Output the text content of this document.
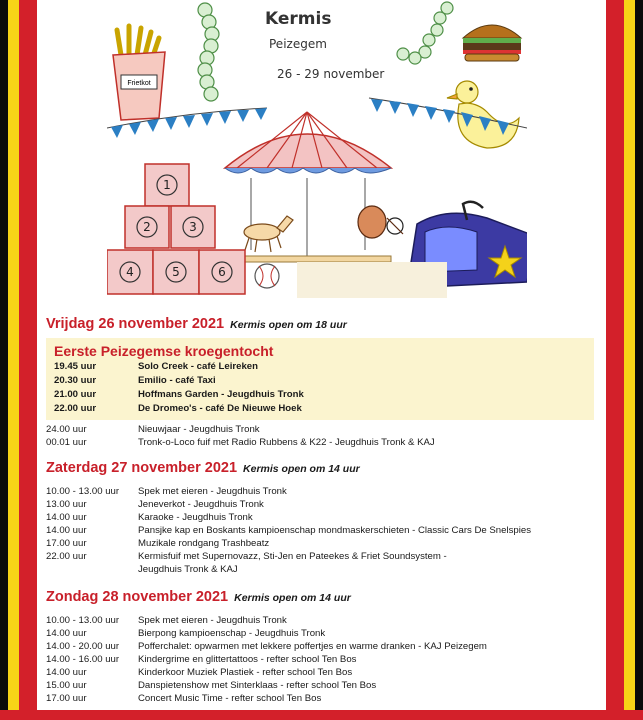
Frietkot
Kermis
Peizegem
26 - 29 november
1
2	3
4	5	6
Vrijdag 26 november 2021 Kermis open om 18 uur
Eerste Peizegemse kroegentocht
19.45 uur	Solo Creek - café Leireken
20.30 uur	Emilio - café Taxi
21.00 uur	Hoffmans Garden - Jeugdhuis Tronk
22.00 uur	De Dromeo's - café De Nieuwe Hoek
24.00 uur	Nieuwjaar - Jeugdhuis Tronk
00.01 uur	Tronk-o-Loco fuif met Radio Rubbens & K22 - Jeugdhuis Tronk & KAJ
Zaterdag 27 november 2021 Kermis open om 14 uur
10.00 - 13.00 uur Spek met eieren - Jeugdhuis Tronk
13.00 uur	Jeneverkot - Jeugdhuis Tronk
14.00 uur	Karaoke - Jeugdhuis Tronk
14.00 uur	Pansjke kap en Boskants kampioenschap mondmaskerschieten - Classic Cars De Snelspies
17.00 uur	Muzikale rondgang Trashbeatz
22.00 uur	Kermisfuif met Supernovazz, Sti-Jen en Pateekes & Friet Soundsystem -
Jeugdhuis Tronk & KAJ
Zondag 28 november 2021 Kermis open om 14 uur
10.00 - 13.00 uur Spek met eieren - Jeugdhuis Tronk
14.00 uur	Bierpong kampioenschap - Jeugdhuis Tronk
14.00 - 20.00 uur Pofferchalet: opwarmen met lekkere poffertjes en warme dranken - KAJ Peizegem
14.00 - 16.00 uur Kindergrime en glittertattoos - refter school Ten Bos
14.00 uur	Kinderkoor Muziek Plastiek - refter school Ten Bos
15.00 uur	Danspietenshow met Sinterklaas - refter school Ten Bos
17.00 uur	Concert Music Time - refter school Ten Bos
